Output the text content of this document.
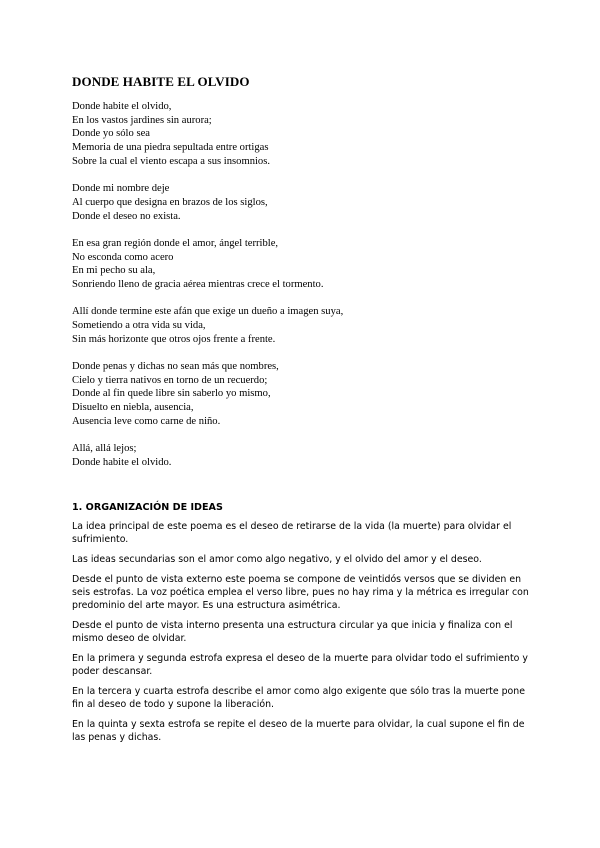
DONDE HABITE EL OLVIDO
Donde habite el olvido,
En los vastos jardines sin aurora;
Donde yo sólo sea
Memoria de una piedra sepultada entre ortigas
Sobre la cual el viento escapa a sus insomnios.
Donde mi nombre deje
Al cuerpo que designa en brazos de los siglos,
Donde el deseo no exista.
En esa gran región donde el amor, ángel terrible,
No esconda como acero
En mi pecho su ala,
Sonriendo lleno de gracia aérea mientras crece el tormento.
Allí donde termine este afán que exige un dueño a imagen suya,
Sometiendo a otra vida su vida,
Sin más horizonte que otros ojos frente a frente.
Donde penas y dichas no sean más que nombres,
Cielo y tierra nativos en torno de un recuerdo;
Donde al fin quede libre sin saberlo yo mismo,
Disuelto en niebla, ausencia,
Ausencia leve como carne de niño.
Allá, allá lejos;
Donde habite el olvido.
1. ORGANIZACIÓN DE IDEAS

La idea principal de este poema es el deseo de retirarse de la vida (la muerte) para olvidar el sufrimiento.

Las ideas secundarias son el amor como algo negativo, y el olvido del amor y el deseo.

Desde el punto de vista externo este poema se compone de veintidós versos que se dividen en seis estrofas. La voz poética emplea el verso libre, pues no hay rima y la métrica es irregular con predominio del arte mayor. Es una estructura asimétrica.

Desde el punto de vista interno presenta una estructura circular ya que inicia y finaliza con el mismo deseo de olvidar.

En la primera y segunda estrofa expresa el deseo de la muerte para olvidar todo el sufrimiento y poder descansar.

En la tercera y cuarta estrofa describe el amor como algo exigente que sólo tras la muerte pone fin al deseo de todo y supone la liberación.

En la quinta y sexta estrofa se repite el deseo de la muerte para olvidar, la cual supone el fin de las penas y dichas.
